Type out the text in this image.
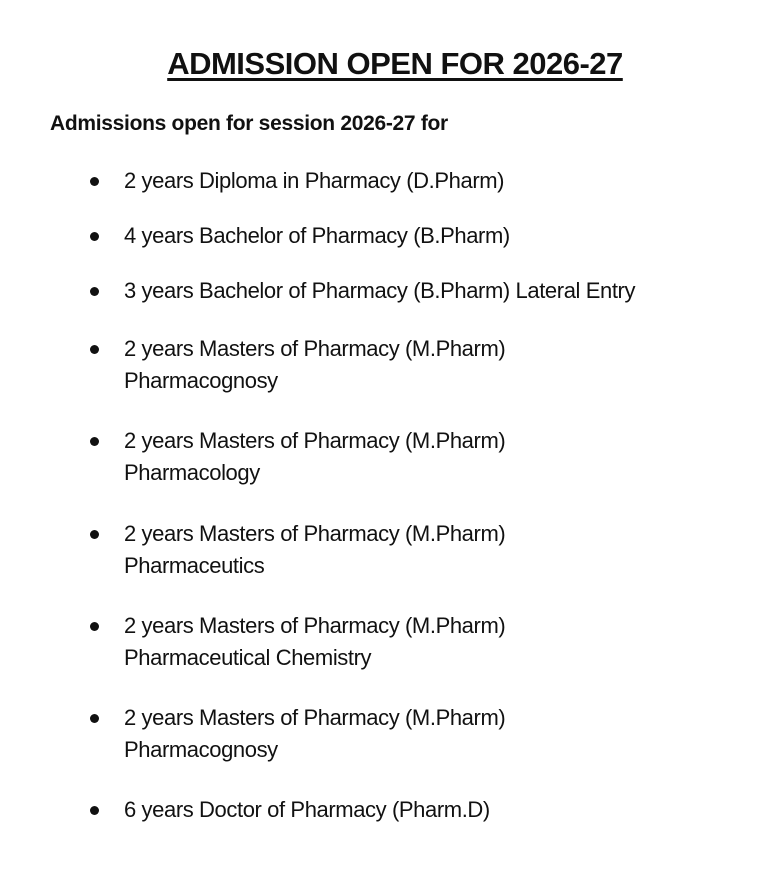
ADMISSION OPEN FOR 2026-27
Admissions open for session 2026-27 for
2 years Diploma in Pharmacy (D.Pharm)
4 years Bachelor of Pharmacy (B.Pharm)
3 years Bachelor of Pharmacy (B.Pharm) Lateral Entry
2 years Masters of Pharmacy (M.Pharm)
Pharmacognosy
2 years Masters of Pharmacy (M.Pharm)
Pharmacology
2 years Masters of Pharmacy (M.Pharm)
Pharmaceutics
2 years Masters of Pharmacy (M.Pharm)
Pharmaceutical Chemistry
2 years Masters of Pharmacy (M.Pharm)
Pharmacognosy
6 years Doctor of Pharmacy (Pharm.D)
